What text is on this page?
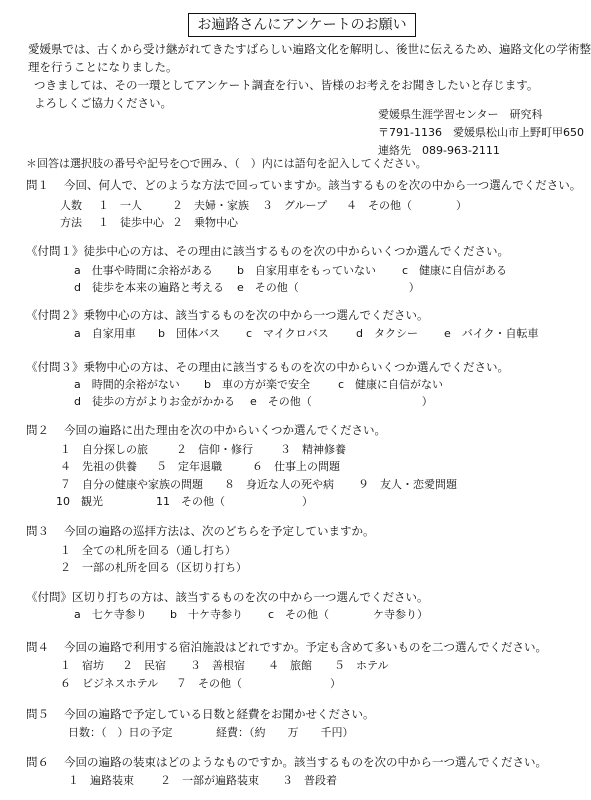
お遍路さんにアンケートのお願い
愛媛県では、古くから受け継がれてきたすばらしい遍路文化を解明し、後世に伝えるため、遍路文化の学術整
理を行うことになりました。
つきましては、その一環としてアンケート調査を行い、皆様のお考えをお聞きしたいと存じます。
よろしくご協力ください。
愛媛県生涯学習センター　研究科
〒791-1136　愛媛県松山市上野町甲650
連絡先　089-963-2111
＊回答は選択肢の番号や記号を○で囲み、（　）内には語句を記入してください。
問１ 今回、何人で、どのような方法で回っていますか。該当するものを次の中から一つ選んでください。
人数 １　一人	２　夫婦・家族 ３　グループ ４　その他（　　　　）
方法 １　徒歩中心 ２　乗物中心
《付問１》徒歩中心の方は、その理由に該当するものを次の中からいくつか選んでください。
a　仕事や時間に余裕がある b　自家用車をもっていない c　健康に自信がある
d　徒歩を本来の遍路と考える e　その他（　　　　　　　　　　）
《付問２》乗物中心の方は、該当するものを次の中から一つ選んでください。
a　自家用車 b　団体バス c　マイクロバス d　タクシー e　バイク・自転車
《付問３》乗物中心の方は、その理由に該当するものを次の中からいくつか選んでください。
a　時間的余裕がない b　車の方が楽で安全	c　健康に自信がない
d　徒歩の方がよりお金がかかる e　その他（　　　　　　　　　　）
問２ 今回の遍路に出た理由を次の中からいくつか選んでください。
１　自分探しの旅	２　信仰・修行 ３　精神修養
４　先祖の供養 ５　定年退職	６　仕事上の問題
７　自分の健康や家族の問題 ８　身近な人の死や病 ９　友人・恋愛問題
10　観光	11　その他（　　　　　　　）
問３ 今回の遍路の巡拝方法は、次のどちらを予定していますか。
１　全ての札所を回る（通し打ち）
２　一部の札所を回る（区切り打ち）
《付問》区切り打ちの方は、該当するものを次の中から一つ選んでください。
a　七ケ寺参り b　十ケ寺参り c　その他（　　　　ケ寺参り）
問４ 今回の遍路で利用する宿泊施設はどれですか。予定も含めて多いものを二つ選んでください。
１　宿坊 ２　民宿 ３　善根宿 ４　旅館 ５　ホテル
６　ビジネスホテル ７　その他（　　　　　　　　）
問５ 今回の遍路で予定している日数と経費をお聞かせください。
日数：（　）日の予定	経費：（約　　万　　千円）
問６ 今回の遍路の装束はどのようなものですか。該当するものを次の中から一つ選んでください。
１　遍路装束 ２　一部が遍路装束 ３　普段着
